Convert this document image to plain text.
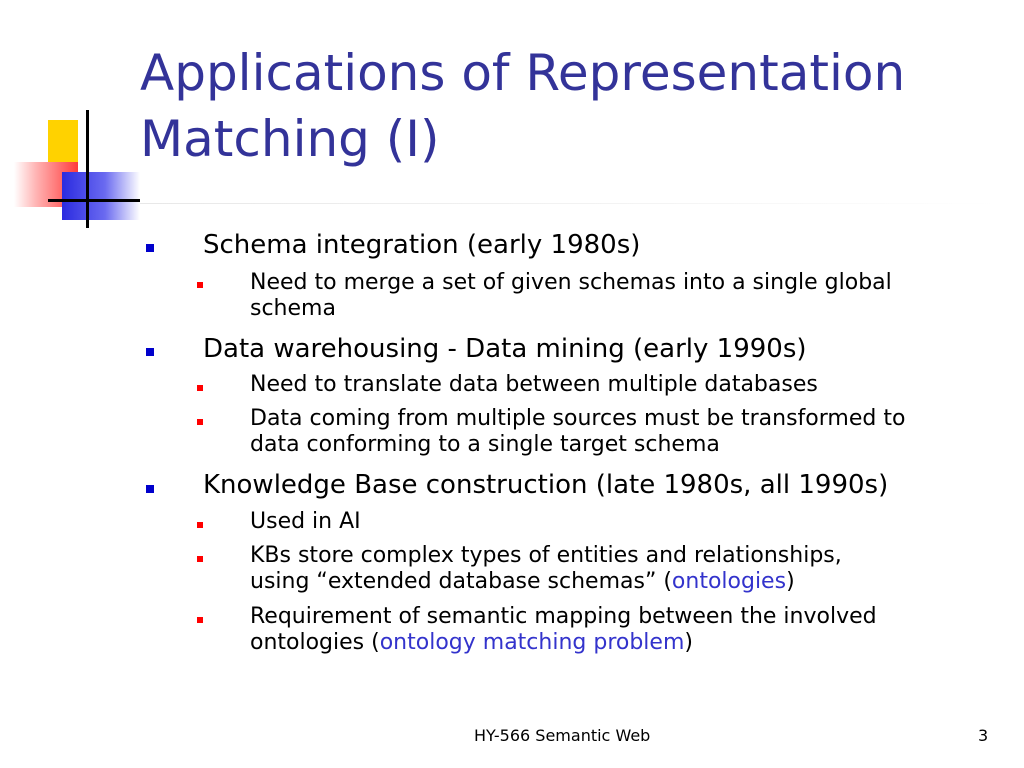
Applications of Representation
Matching (I)
Schema integration (early 1980s)
Need to merge a set of given schemas into a single global
schema
Data warehousing - Data mining (early 1990s)
Need to translate data between multiple databases
Data coming from multiple sources must be transformed to
data conforming to a single target schema
Knowledge Base construction (late 1980s, all 1990s)
Used in AI
KBs store complex types of entities and relationships,
using “extended database schemas” (ontologies)
Requirement of semantic mapping between the involved
ontologies (ontology matching problem)
HY-566 Semantic Web	3
